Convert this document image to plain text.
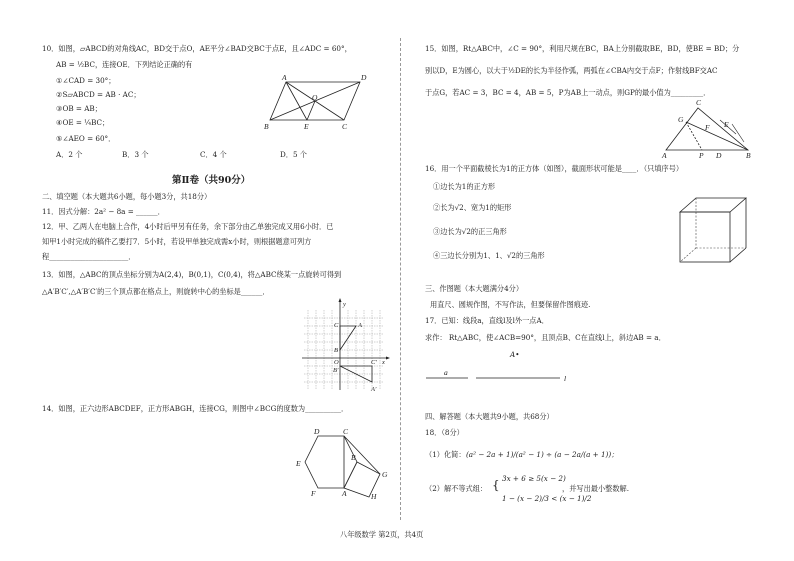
10．如图，▱ABCD的对角线AC，BD交于点O，AE平分∠BAD交BC于点E，且∠ADC = 60°，
AB = ½BC，连接OE．下列结论正确的有
①∠CAD = 30°；
②S▱ABCD = AB · AC；
③OB = AB；
④OE = ¼BC；
⑤∠AEO = 60°．
A．2 个	B．3 个	C．4 个	D．5 个
A	D
O
B	E	C
第Ⅱ卷（共90分）
二、填空题（本大题共6小题，每小题3分，共18分）
11．因式分解：2a² − 8a = ______．
12．甲、乙两人在电脑上合作，4小时后甲另有任务，余下部分由乙单独完成又用6小时．已
知甲1小时完成的稿件乙要打7．5小时，若设甲单独完成需x小时，则根据题意可列方
程______________________．
13．如图，△ABC的顶点坐标分别为A(2,4)，B(0,1)，C(0,4)，将△ABC绕某一点旋转可得到
△A′B′C′,△A′B′C′的三个顶点都在格点上，则旋转中心的坐标是______．
y
C	A
B
O	C′ x
B′
A′
14．如图，正六边形ABCDEF，正方形ABGH，连接CG，则图中∠BCG的度数为__________．
D	C
E
B
G
H
F	A
15．如图，Rt△ABC中，∠C = 90°，利用尺规在BC，BA上分别截取BE，BD，使BE = BD；分
别以D，E为圆心，以大于½DE的长为半径作弧，两弧在∠CBA内交于点F；作射线BF交AC
于点G，若AC = 3，BC = 4，AB = 5，P为AB上一动点，则GP的最小值为_________．
C
G
F E
A	P D	B
16．用一个平面截棱长为1的正方体（如图），截面形状可能是____．（只填序号）
①边长为1的正方形
②长为√2、宽为1的矩形
③边长为√2的正三角形
④三边长分别为1、1、√2的三角形
三、作图题（本大题满分4分）
用直尺、圆规作图，不写作法，但要保留作图痕迹.
17．已知：线段a，直线l及l外一点A．
求作： Rt△ABC，使∠ACB=90°，且顶点B、C在直线l上，斜边AB = a．
A•
a
l
四、解答题（本大题共9小题，共68分）
18．（8分）
（1）化简： (a² − 2a + 1)/(a² − 1) ÷ (a − 2a/(a + 1))；
（2）解不等式组： { 3x + 6 ≥ 5(x − 2)
1 − (x − 2)/3 < (x − 1)/2
，并写出最小整数解.
八年级数学 第2页，共4页
